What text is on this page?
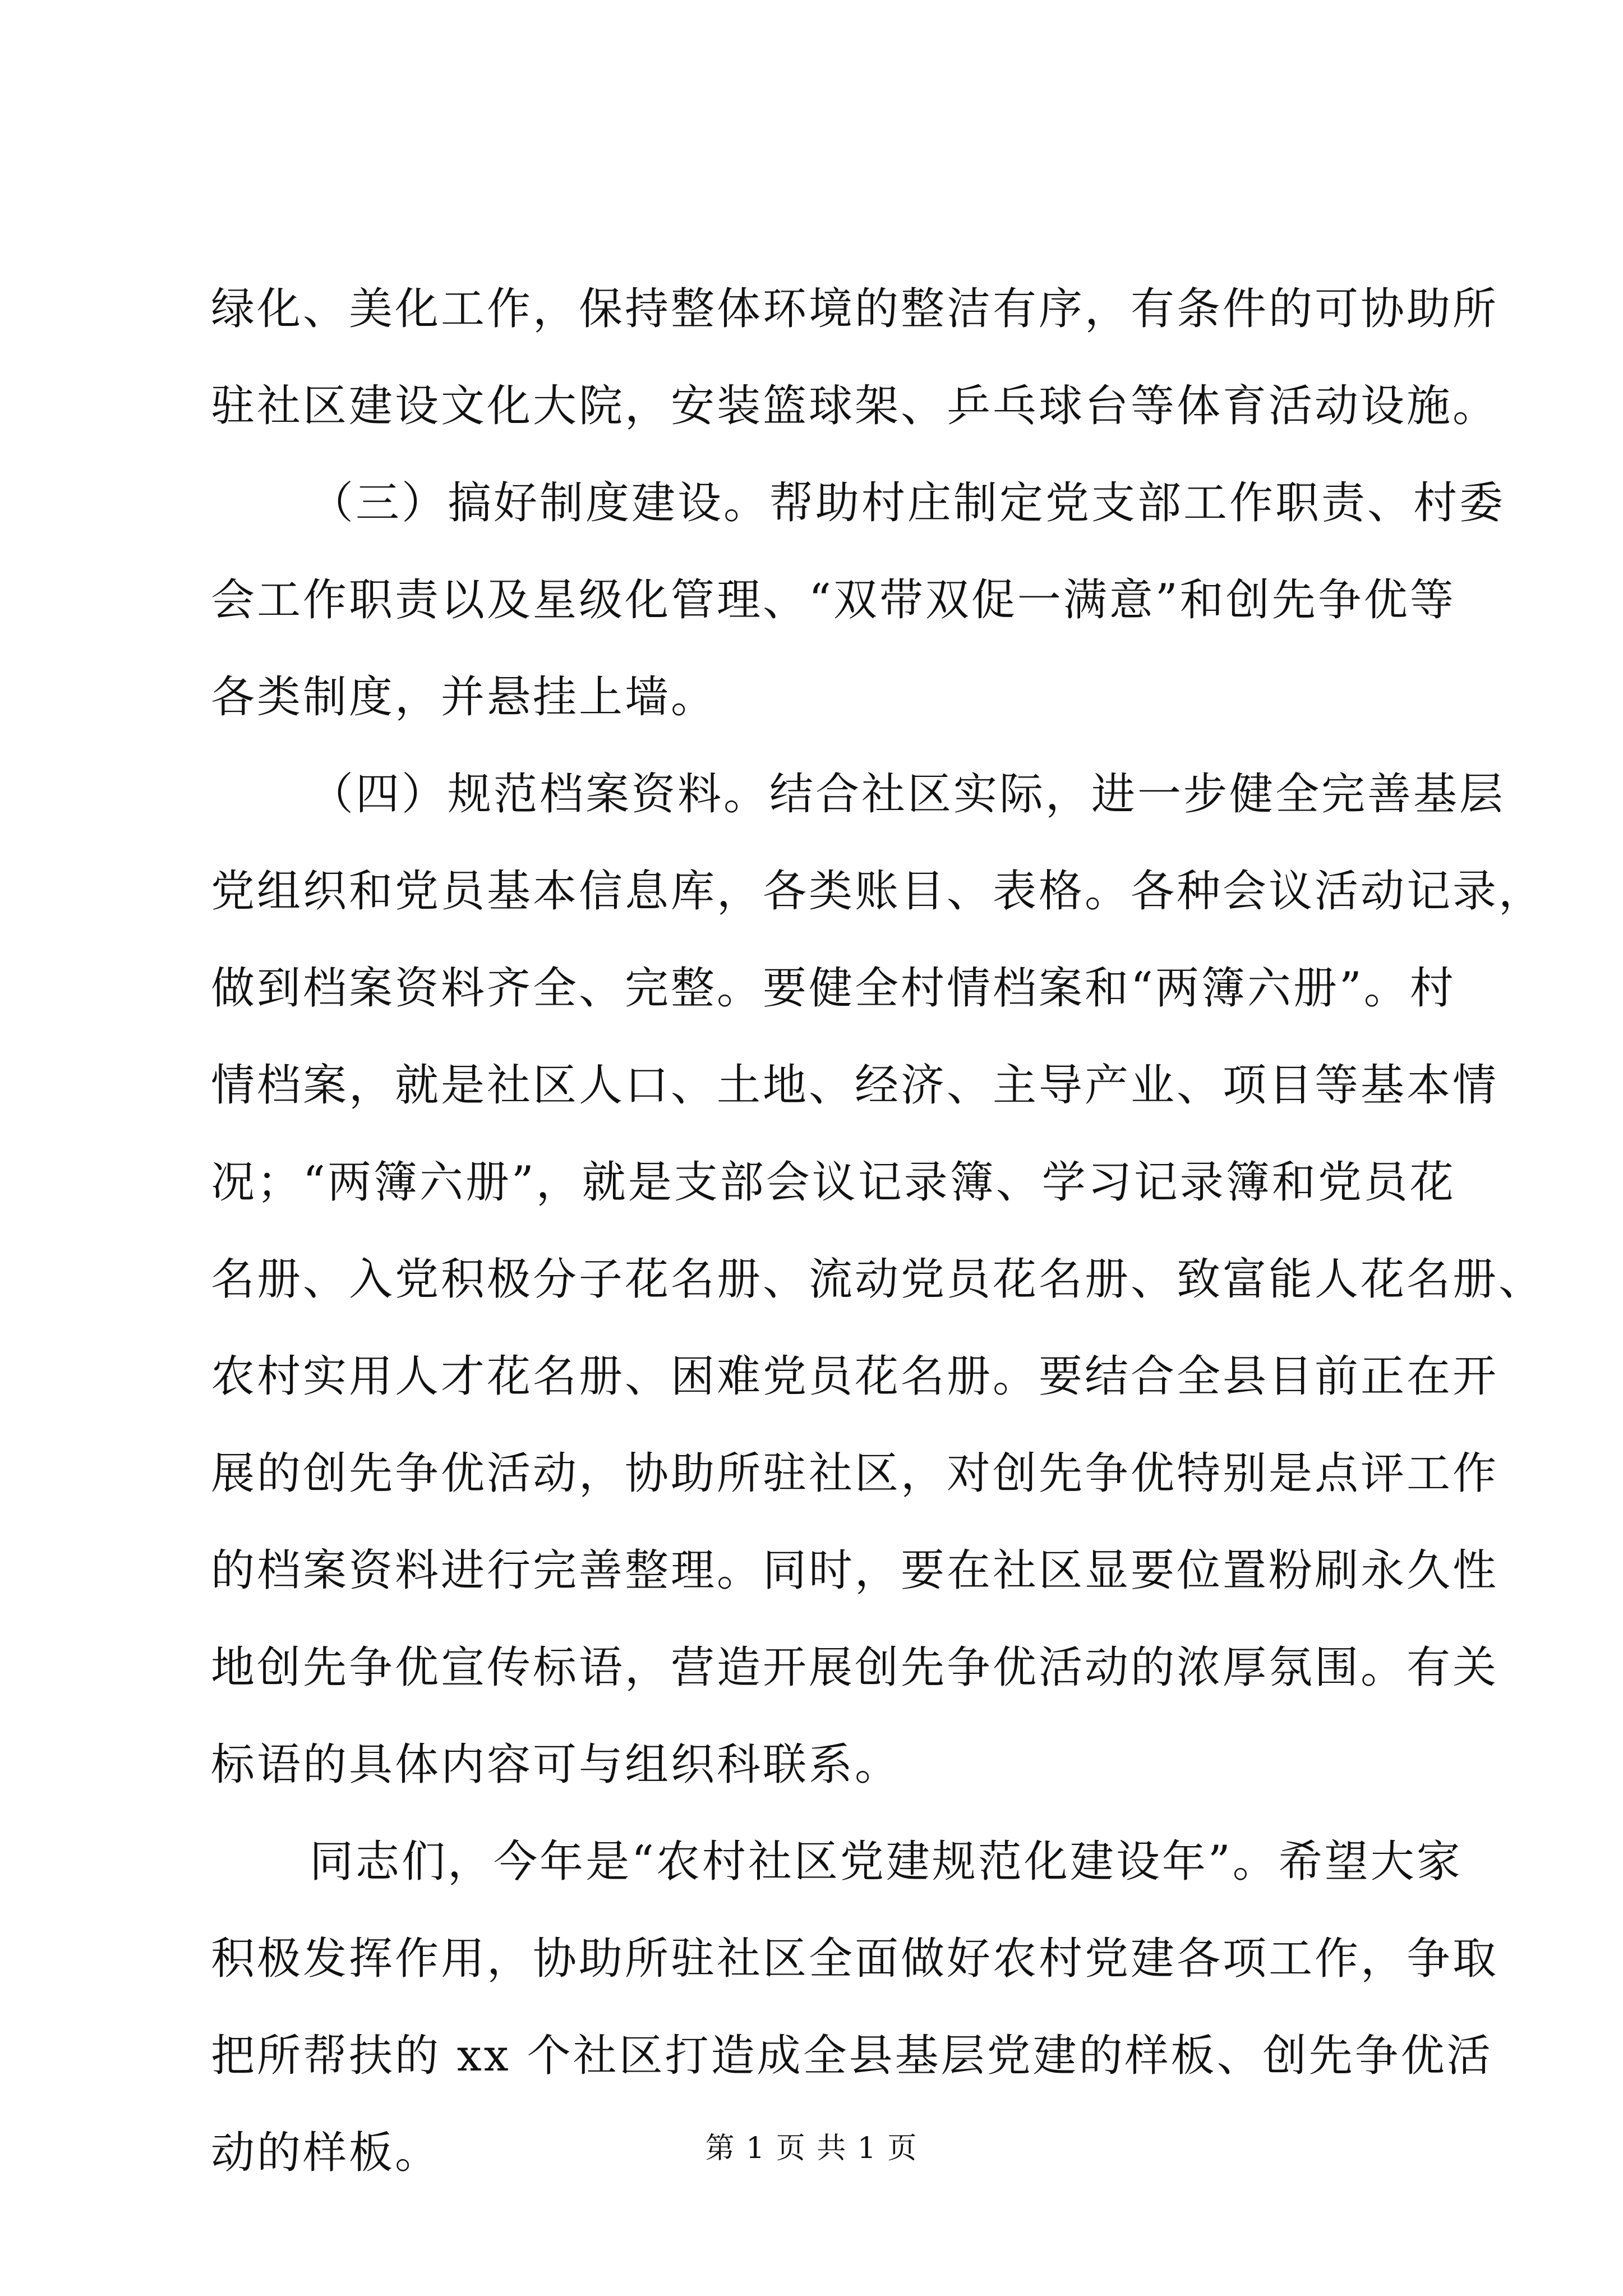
绿化、美化工作，保持整体环境的整洁有序，有条件的可协助所
驻社区建设文化大院，安装篮球架、乒乓球台等体育活动设施。
（三）搞好制度建设。帮助村庄制定党支部工作职责、村委
会工作职责以及星级化管理、“双带双促一满意”和创先争优等
各类制度，并悬挂上墙。
（四）规范档案资料。结合社区实际，进一步健全完善基层
党组织和党员基本信息库，各类账目、表格。各种会议活动记录，
做到档案资料齐全、完整。要健全村情档案和“两簿六册”。村
情档案，就是社区人口、土地、经济、主导产业、项目等基本情
况；“两簿六册”，就是支部会议记录簿、学习记录簿和党员花
名册、入党积极分子花名册、流动党员花名册、致富能人花名册、
农村实用人才花名册、困难党员花名册。要结合全县目前正在开
展的创先争优活动，协助所驻社区，对创先争优特别是点评工作
的档案资料进行完善整理。同时，要在社区显要位置粉刷永久性
地创先争优宣传标语，营造开展创先争优活动的浓厚氛围。有关
标语的具体内容可与组织科联系。
同志们，今年是“农村社区党建规范化建设年”。希望大家
积极发挥作用，协助所驻社区全面做好农村党建各项工作，争取
把所帮扶的 xx 个社区打造成全县基层党建的样板、创先争优活
动的样板。	第 1 页 共 1 页
